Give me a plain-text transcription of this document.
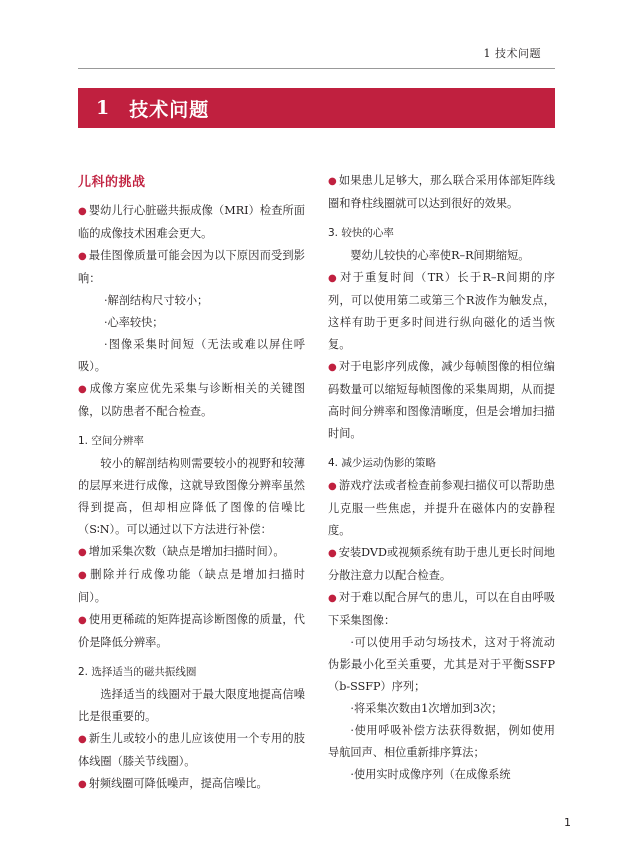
1 技术问题
1 技术问题
儿科的挑战

● 婴幼儿行心脏磁共振成像（MRI）检查所面临的成像技术困难会更大。

● 最佳图像质量可能会因为以下原因而受到影响：

·解剖结构尺寸较小；

·心率较快；

·图像采集时间短（无法或难以屏住呼吸）。

● 成像方案应优先采集与诊断相关的关键图像，以防患者不配合检查。

1. 空间分辨率

较小的解剖结构则需要较小的视野和较薄的层厚来进行成像，这就导致图像分辨率虽然得到提高，但却相应降低了图像的信噪比（S∶N）。可以通过以下方法进行补偿：

● 增加采集次数（缺点是增加扫描时间）。

● 删除并行成像功能（缺点是增加扫描时间）。

● 使用更稀疏的矩阵提高诊断图像的质量，代价是降低分辨率。

2. 选择适当的磁共振线圈

选择适当的线圈对于最大限度地提高信噪比是很重要的。

● 新生儿或较小的患儿应该使用一个专用的肢体线圈（膝关节线圈）。

● 射频线圈可降低噪声，提高信噪比。

● 如果患儿足够大，那么联合采用体部矩阵线圈和脊柱线圈就可以达到很好的效果。

3. 较快的心率

婴幼儿较快的心率使R–R间期缩短。

● 对于重复时间（TR）长于R–R间期的序列，可以使用第二或第三个R波作为触发点，这样有助于更多时间进行纵向磁化的适当恢复。

● 对于电影序列成像，减少每帧图像的相位编码数量可以缩短每帧图像的采集周期，从而提高时间分辨率和图像清晰度，但是会增加扫描时间。

4. 减少运动伪影的策略

● 游戏疗法或者检查前参观扫描仪可以帮助患儿克服一些焦虑，并提升在磁体内的安静程度。

● 安装DVD或视频系统有助于患儿更长时间地分散注意力以配合检查。

● 对于难以配合屏气的患儿，可以在自由呼吸下采集图像：

·可以使用手动匀场技术，这对于将流动伪影最小化至关重要，尤其是对于平衡SSFP（b-SSFP）序列；

·将采集次数由1次增加到3次；

·使用呼吸补偿方法获得数据，例如使用导航回声、相位重新排序算法；

·使用实时成像序列（在成像系统

1
